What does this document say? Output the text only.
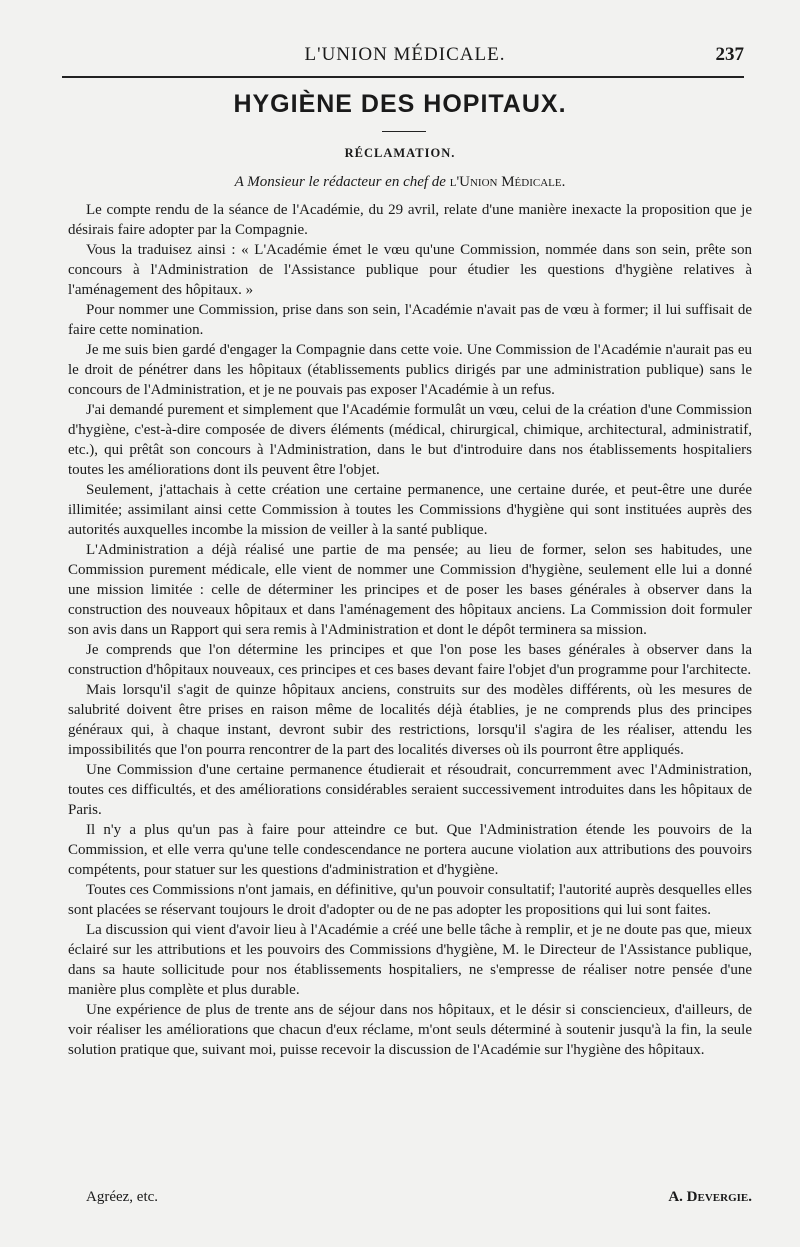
L'UNION MÉDICALE.	237
HYGIÈNE DES HOPITAUX.
RÉCLAMATION.
A Monsieur le rédacteur en chef de l'Union Médicale.

Le compte rendu de la séance de l'Académie, du 29 avril, relate d'une manière inexacte la proposition que je désirais faire adopter par la Compagnie.

Vous la traduisez ainsi : « L'Académie émet le vœu qu'une Commission, nommée dans son sein, prête son concours à l'Administration de l'Assistance publique pour étudier les questions d'hygiène relatives à l'aménagement des hôpitaux. »

Pour nommer une Commission, prise dans son sein, l'Académie n'avait pas de vœu à former; il lui suffisait de faire cette nomination.

Je me suis bien gardé d'engager la Compagnie dans cette voie. Une Commission de l'Académie n'aurait pas eu le droit de pénétrer dans les hôpitaux (établissements publics dirigés par une administration publique) sans le concours de l'Administration, et je ne pouvais pas exposer l'Académie à un refus.

J'ai demandé purement et simplement que l'Académie formulât un vœu, celui de la création d'une Commission d'hygiène, c'est-à-dire composée de divers éléments (médical, chirurgical, chimique, architectural, administratif, etc.), qui prêtât son concours à l'Administration, dans le but d'introduire dans nos établissements hospitaliers toutes les améliorations dont ils peuvent être l'objet.

Seulement, j'attachais à cette création une certaine permanence, une certaine durée, et peut-être une durée illimitée; assimilant ainsi cette Commission à toutes les Commissions d'hygiène qui sont instituées auprès des autorités auxquelles incombe la mission de veiller à la santé publique.

L'Administration a déjà réalisé une partie de ma pensée; au lieu de former, selon ses habitudes, une Commission purement médicale, elle vient de nommer une Commission d'hygiène, seulement elle lui a donné une mission limitée : celle de déterminer les principes et de poser les bases générales à observer dans la construction des nouveaux hôpitaux et dans l'aménagement des hôpitaux anciens. La Commission doit formuler son avis dans un Rapport qui sera remis à l'Administration et dont le dépôt terminera sa mission.

Je comprends que l'on détermine les principes et que l'on pose les bases générales à observer dans la construction d'hôpitaux nouveaux, ces principes et ces bases devant faire l'objet d'un programme pour l'architecte.

Mais lorsqu'il s'agit de quinze hôpitaux anciens, construits sur des modèles différents, où les mesures de salubrité doivent être prises en raison même de localités déjà établies, je ne comprends plus des principes généraux qui, à chaque instant, devront subir des restrictions, lorsqu'il s'agira de les réaliser, attendu les impossibilités que l'on pourra rencontrer de la part des localités diverses où ils pourront être appliqués.

Une Commission d'une certaine permanence étudierait et résoudrait, concurremment avec l'Administration, toutes ces difficultés, et des améliorations considérables seraient successivement introduites dans les hôpitaux de Paris.

Il n'y a plus qu'un pas à faire pour atteindre ce but. Que l'Administration étende les pouvoirs de la Commission, et elle verra qu'une telle condescendance ne portera aucune violation aux attributions des pouvoirs compétents, pour statuer sur les questions d'administration et d'hygiène.

Toutes ces Commissions n'ont jamais, en définitive, qu'un pouvoir consultatif; l'autorité auprès desquelles elles sont placées se réservant toujours le droit d'adopter ou de ne pas adopter les propositions qui lui sont faites.

La discussion qui vient d'avoir lieu à l'Académie a créé une belle tâche à remplir, et je ne doute pas que, mieux éclairé sur les attributions et les pouvoirs des Commissions d'hygiène, M. le Directeur de l'Assistance publique, dans sa haute sollicitude pour nos établissements hospitaliers, ne s'empresse de réaliser notre pensée d'une manière plus complète et plus durable.

Une expérience de plus de trente ans de séjour dans nos hôpitaux, et le désir si consciencieux, d'ailleurs, de voir réaliser les améliorations que chacun d'eux réclame, m'ont seuls déterminé à soutenir jusqu'à la fin, la seule solution pratique que, suivant moi, puisse recevoir la discussion de l'Académie sur l'hygiène des hôpitaux.

Agréez, etc.	A. Devergie.
